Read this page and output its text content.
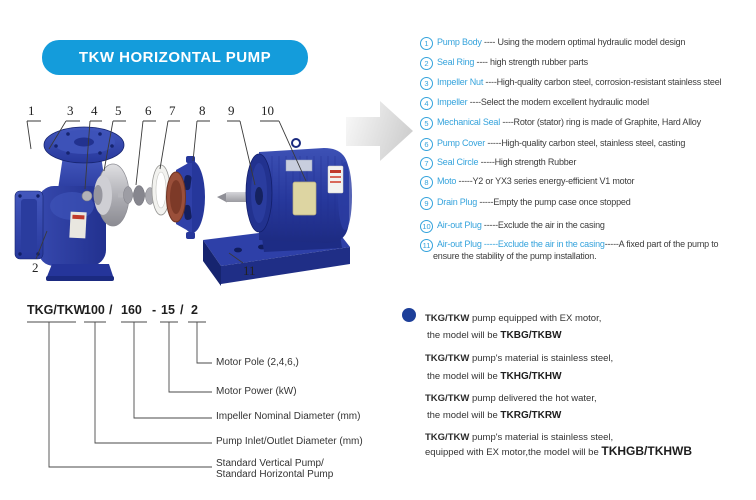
TKW HORIZONTAL PUMP
1	3 4 5 6 7 8 9 10
2	11
1 Pump Body ---- Using the modern optimal hydraulic model design
2 Seal Ring ---- high strength rubber parts
3 Impeller Nut ----High-quality carbon steel, corrosion-resistant stainless steel
4 Impeller ----Select the modern excellent hydraulic model
5 Mechanical Seal ----Rotor (stator) ring is made of Graphite, Hard Alloy
6 Pump Cover -----High-quality carbon steel, stainless steel, casting
7 Seal Circle -----High strength Rubber
8 Moto -----Y2 or YX3 series energy-efficient V1 motor
9 Drain Plug -----Empty the pump case once stopped
10 Air-out Plug -----Exclude the air in the casing
11 Air-out Plug -----Exclude the air in the casing-----A fixed part of the pump to
ensure the stability of the pump installation.
TKG/TKW
100 / 160 - 15 / 2
Motor Pole (2,4,6,)
Motor Power (kW)
Impeller Nominal Diameter (mm)
Pump Inlet/Outlet Diameter (mm)
Standard Vertical Pump/
Standard Horizontal Pump
TKG/TKW pump equipped with EX motor,
the model will be TKBG/TKBW
TKG/TKW pump's material is stainless steel,
the model will be TKHG/TKHW
TKG/TKW pump delivered the hot water,
the model will be TKRG/TKRW
TKG/TKW pump's material is stainless steel,
equipped with EX motor,the model will be TKHGB/TKHWB
